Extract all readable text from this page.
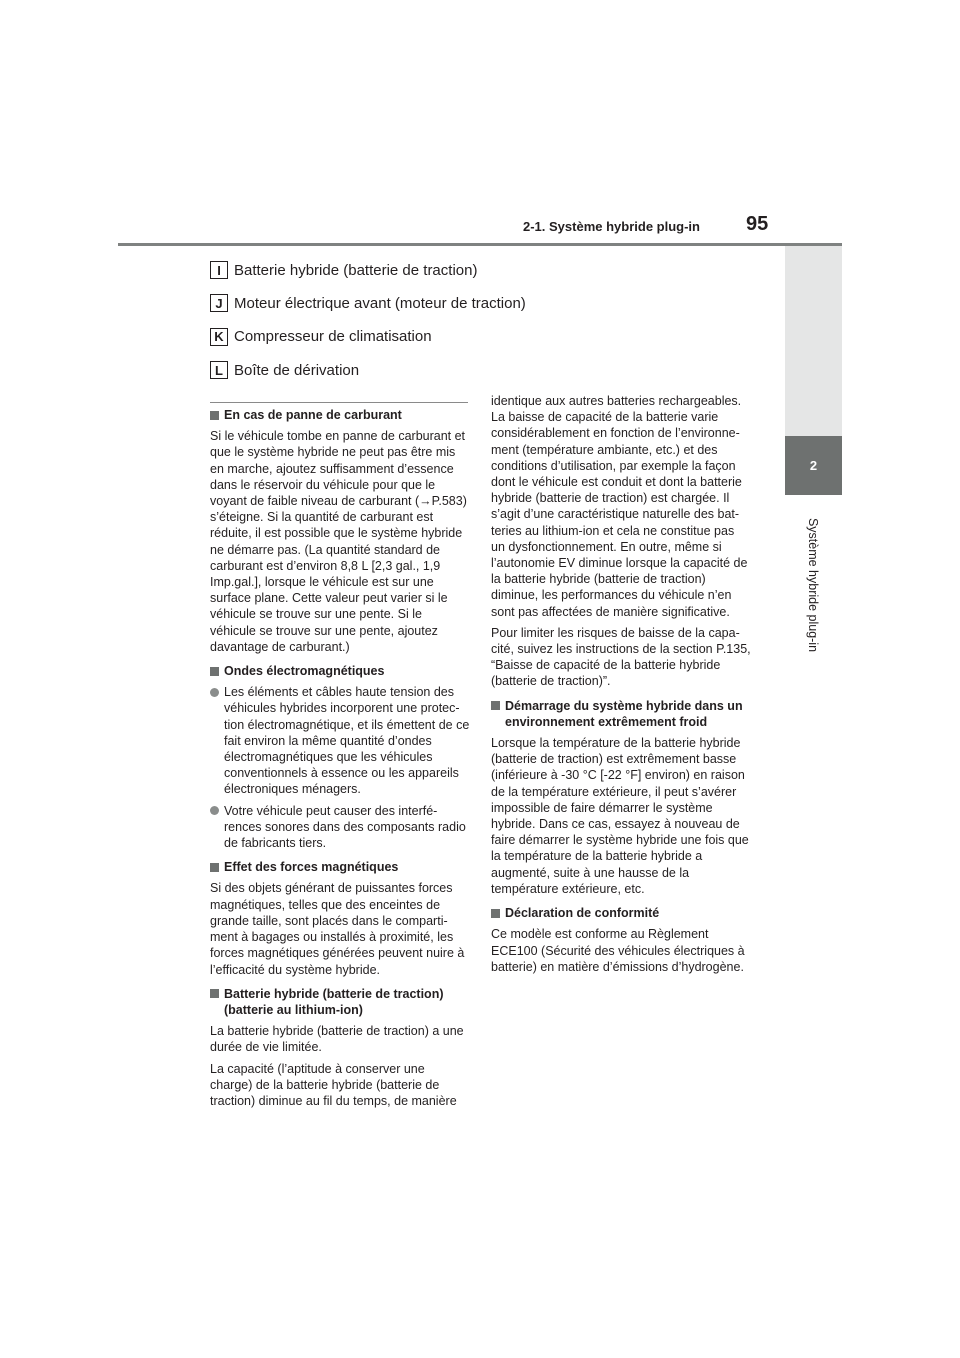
2-1. Système hybride plug-in 95
2
Système hybride plug-in
I Batterie hybride (batterie de traction)
J Moteur électrique avant (moteur de traction)
K Compresseur de climatisation
L Boîte de dérivation
En cas de panne de carburant
Si le véhicule tombe en panne de carburant et que le système hybride ne peut pas être mis en marche, ajoutez suffisamment d’essence dans le réservoir du véhicule pour que le voyant de faible niveau de carburant (→P.583) s’éteigne. Si la quantité de carburant est réduite, il est possible que le système hybride ne démarre pas. (La quantité standard de carburant est d’environ 8,8 L [2,3 gal., 1,9 Imp.gal.], lorsque le véhicule est sur une surface plane. Cette valeur peut varier si le véhicule se trouve sur une pente. Si le véhicule se trouve sur une pente, ajoutez davantage de carburant.)
Ondes électromagnétiques
Les éléments et câbles haute tension des véhicules hybrides incorporent une protection électromagnétique, et ils émettent de ce fait environ la même quantité d’ondes électromagnétiques que les véhicules conventionnels à essence ou les appareils électroniques ménagers.
Votre véhicule peut causer des interférences sonores dans des composants radio de fabricants tiers.
Effet des forces magnétiques
Si des objets générant de puissantes forces magnétiques, telles que des enceintes de grande taille, sont placés dans le compartiment à bagages ou installés à proximité, les forces magnétiques générées peuvent nuire à l’efficacité du système hybride.
Batterie hybride (batterie de traction) (batterie au lithium-ion)
La batterie hybride (batterie de traction) a une durée de vie limitée.
La capacité (l’aptitude à conserver une charge) de la batterie hybride (batterie de traction) diminue au fil du temps, de manière
identique aux autres batteries rechargeables. La baisse de capacité de la batterie varie considérablement en fonction de l’environnement (température ambiante, etc.) et des conditions d’utilisation, par exemple la façon dont le véhicule est conduit et dont la batterie hybride (batterie de traction) est chargée. Il s’agit d’une caractéristique naturelle des batteries au lithium-ion et cela ne constitue pas un dysfonctionnement. En outre, même si l’autonomie EV diminue lorsque la capacité de la batterie hybride (batterie de traction) diminue, les performances du véhicule n’en sont pas affectées de manière significative.
Pour limiter les risques de baisse de la capacité, suivez les instructions de la section P.135, “Baisse de capacité de la batterie hybride (batterie de traction)”.
Démarrage du système hybride dans un environnement extrêmement froid
Lorsque la température de la batterie hybride (batterie de traction) est extrêmement basse (inférieure à -30 °C [-22 °F] environ) en raison de la température extérieure, il peut s’avérer impossible de faire démarrer le système hybride. Dans ce cas, essayez à nouveau de faire démarrer le système hybride une fois que la température de la batterie hybride a augmenté, suite à une hausse de la température extérieure, etc.
Déclaration de conformité
Ce modèle est conforme au Règlement ECE100 (Sécurité des véhicules électriques à batterie) en matière d’émissions d’hydrogène.
